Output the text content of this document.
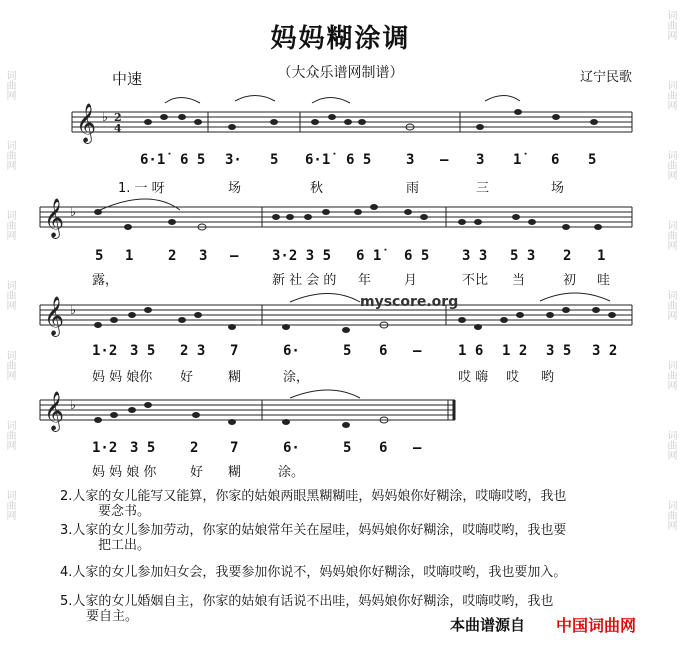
词曲网
词曲网
词曲网
词曲网
词曲网
词曲网
词曲网
词曲网
词曲网
词曲网
词曲网
词曲网
词曲网
词曲网
词曲网
妈妈糊涂调
（大众乐谱网制谱）
中速	辽宁民歌
𝄞
𝄞
𝄞
𝄞
♭
♭
♭
♭
2
4
myscore.org
6·1̇ 6 5 3· 5 6·1̇ 6 5 3 – 3 1̇ 6 5
1. 一 呀	场	秋	雨	三	场
5 1 2 3 – 3·2 3 5 6 1̇ 6 5 3 3 5 3 2 1
露，	新 社 会 的 年	月	不比 当	初 哇
1·2 3 5 2 3 7	6·	5 6 –	1 6 1 2 3 5 3 2
妈 妈 娘你 好	糊	涂，	哎 嗨 哎 哟
1·2 3 5 2 7	6·	5 6 –
妈 妈 娘 你	好 糊	涂。
2.人家的女儿能写又能算，你家的姑娘两眼黑糊糊哇，妈妈娘你好糊涂，哎嗨哎哟，我也
要念书。
3.人家的女儿参加劳动，你家的姑娘常年关在屋哇，妈妈娘你好糊涂，哎嗨哎哟，我也要
把工出。
4.人家的女儿参加妇女会，我要参加你说不，妈妈娘你好糊涂，哎嗨哎哟，我也要加入。
5.人家的女儿婚姻自主，你家的姑娘有话说不出哇，妈妈娘你好糊涂，哎嗨哎哟，我也
要自主。	本曲谱源自 中国词曲网
